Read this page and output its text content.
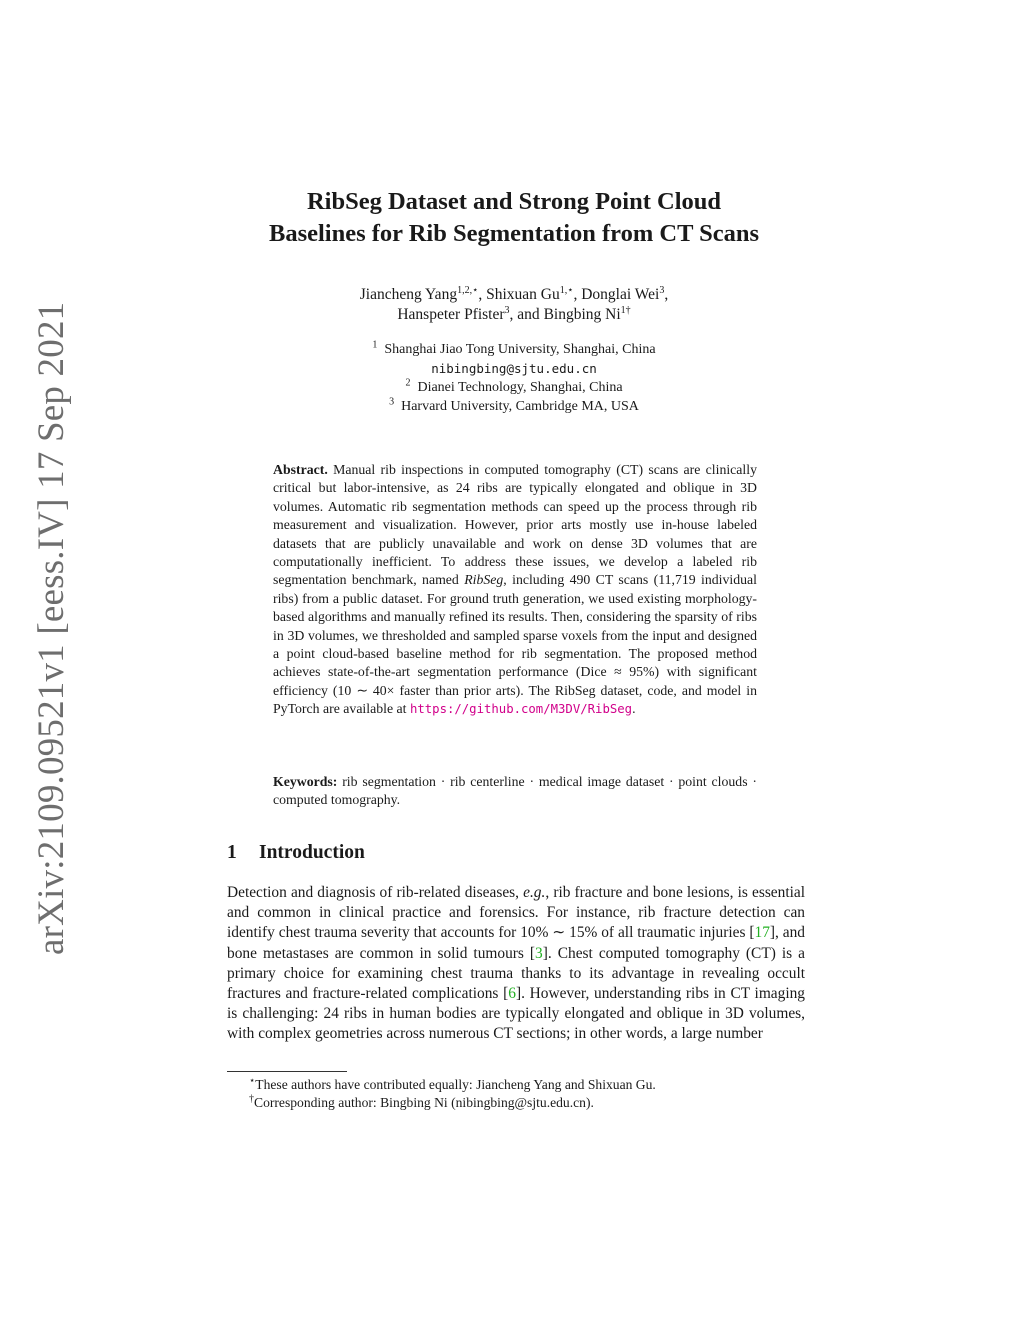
arXiv:2109.09521v1 [eess.IV] 17 Sep 2021
RibSeg Dataset and Strong Point Cloud
Baselines for Rib Segmentation from CT Scans
Jiancheng Yang$^{1,2,⋆}$, Shixuan $Gu^{1,⋆}$, Donglai Wei$^3$,
Hanspeter Pfister$^3$, and Bingbing $Ni^{1\dagger}$
$^1$ Shanghai Jiao Tong University, Shanghai, China
nibingbing@sjtu.edu.cn
$^2$ Dianei Technology, Shanghai, China
$^3$ Harvard University, Cambridge MA, USA
Abstract. Manual rib inspections in computed tomography (CT) scans are clinically critical but labor-intensive, as 24 ribs are typically elongated and oblique in 3D volumes. Automatic rib segmentation methods can speed up the process through rib measurement and visualization. However, prior arts mostly use in-house labeled datasets that are publicly unavailable and work on dense 3D volumes that are computationally inefficient. To address these issues, we develop a labeled rib segmentation benchmark, named RibSeg, including 490 CT scans (11,719 individual ribs) from a public dataset. For ground truth generation, we used existing morphology-based algorithms and manually refined its results. Then, considering the sparsity of ribs in 3D volumes, we thresholded and sampled sparse voxels from the input and designed a point cloud-based baseline method for rib segmentation. The proposed method achieves state-of-the-art segmentation performance (Dice ≈ 95%) with significant efficiency (10 ∼ 40× faster than prior arts). The RibSeg dataset, code, and model in PyTorch are available at https://github.com/M3DV/RibSeg.
Keywords: rib segmentation · rib centerline · medical image dataset · point clouds · computed tomography.
1 Introduction
Detection and diagnosis of rib-related diseases, e.g., rib fracture and bone lesions, is essential and common in clinical practice and forensics. For instance, rib fracture detection can identify chest trauma severity that accounts for 10% ∼ 15% of all traumatic injuries [17], and bone metastases are common in solid tumours [3]. Chest computed tomography (CT) is a primary choice for examining chest trauma thanks to its advantage in revealing occult fractures and fracture-related complications [6]. However, understanding ribs in CT imaging is challenging: 24 ribs in human bodies are typically elongated and oblique in 3D volumes, with complex geometries across numerous CT sections; in other words, a large number
⋆These authors have contributed equally: Jiancheng Yang and Shixuan Gu.
†Corresponding author: Bingbing Ni (nibingbing@sjtu.edu.cn).
